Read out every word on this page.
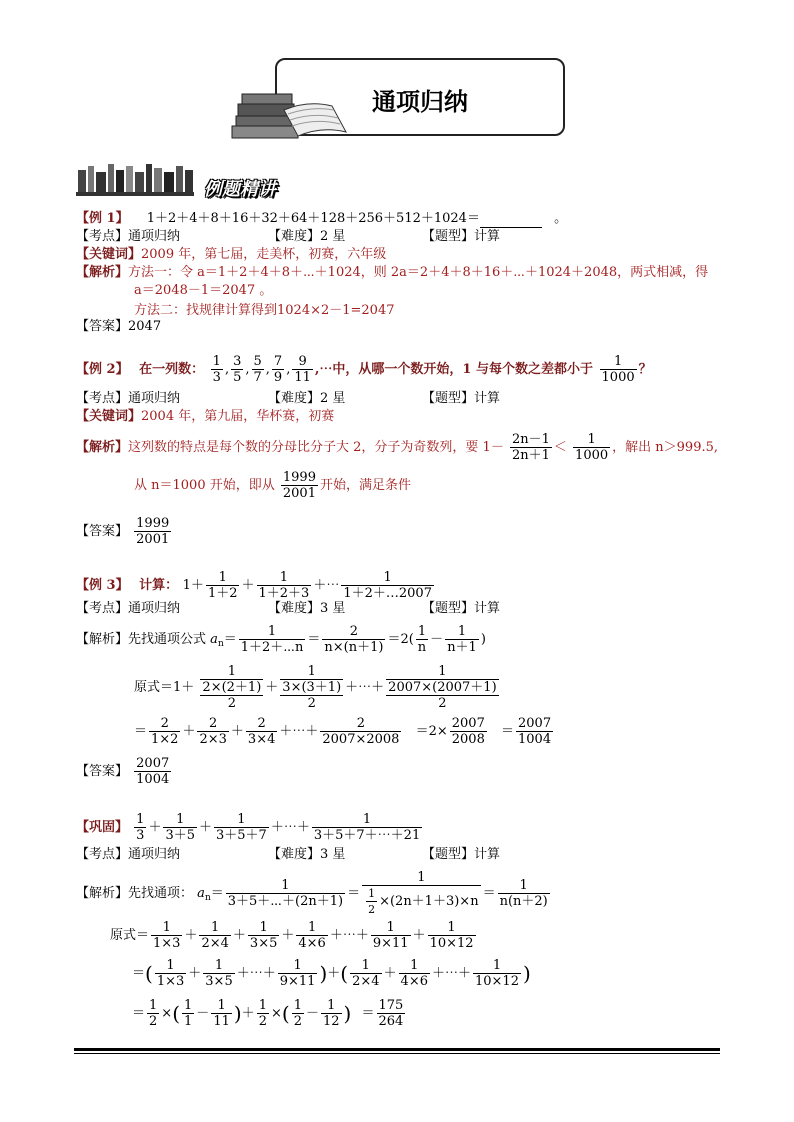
通项归纳
例题精讲
【例 1】 1＋2＋4＋8＋16＋32＋64＋128＋256＋512＋1024＝	。
【考点】通项归纳	【难度】2 星	【题型】计算
【关键词】2009 年，第七届，走美杯，初赛，六年级
【解析】方法一：令 a＝1＋2＋4＋8＋⋯＋1024，则 2a＝2＋4＋8＋16＋⋯＋1024＋2048，两式相减，得
a＝2048－1＝2047 。
方法二：找规律计算得到1024×2－1=2047
【答案】2047
【例 2】 在一列数： $\frac{1}{3}$ , $\frac{3}{5}$ , $\frac{5}{7}$ , $\frac{7}{9}$ , $\frac{9}{11}$ ,⋯中，从哪一个数开始，1 与每个数之差都小于 $\frac{1}{1000}$ ？
【考点】通项归纳	【难度】2 星	【题型】计算
【关键词】2004 年，第九届，华杯赛，初赛
【解析】这列数的特点是每个数的分母比分子大 2，分子为奇数列，要 $1- \frac{2n-1}{2n+1} < \frac{1}{1000}$ ，解出 n＞999.5,
从 n＝1000 开始，即从 $\frac{1999}{2001}$ 开始，满足条件
【答案】 $\frac{1999}{2001}$
【例 3】 计算： $1+ \frac{1}{1+2} + \frac{1}{1+2+3}$ ＋⋯ $\frac{1}{1+2+\dots 2007}$
【考点】通项归纳	【难度】3 星	【题型】计算
【解析】先找通项公式 $a_n= \frac{1}{1+2+\cdots n} = \frac{2}{n\times(n+1)} =2( \frac{1}{n} - \frac{1}{n+1}$ )
原式＝1＋
1
2×(2＋1)
2
＋
1
3×(3＋1)
2
＋⋯＋
1
2007×(2007＋1)
2
＝ $\frac{2}{1\times 2} + \frac{2}{2\times 3} + \frac{2}{3\times 4}$ ＋⋯＋ $\frac{2}{2007\times 2008} =2\times \frac{2007}{2008} = \frac{2007}{1004}$
【答案】 $\frac{2007}{1004}$
【巩固】 $\frac{1}{3} + \frac{1}{3+5} + \frac{1}{3+5+7}$ ＋⋯＋ $\frac{1}{3+5+7+\cdots+21}$
【考点】通项归纳	【难度】3 星	【题型】计算
【解析】先找通项： $a_n= \frac{1}{3+5+\cdots+(2n+1)} = \frac{1}{\frac{1}{2} \times(2n+1+3)\times n} = \frac{1}{n(n+2)}$
原式＝ $\frac{1}{1\times 3} + \frac{1}{2\times 4} + \frac{1}{3\times 5} + \frac{1}{4\times 6}$ ＋⋯＋ $\frac{1}{9\times 11} + \frac{1}{10\times 12}$
＝( $\frac{1}{1\times 3} + \frac{1}{3\times 5}$ ＋⋯＋ $\frac{1}{9\times 11}$ )＋( $\frac{1}{2\times 4} + \frac{1}{4\times 6}$ ＋⋯＋ $\frac{1}{10\times 12}$ )
＝ $\frac{1}{2}$ ×( $\frac{1}{1} - \frac{1}{11}$ )＋ $\frac{1}{2}$ ×( $\frac{1}{2} - \frac{1}{12}$ ) ＝ $\frac{175}{264}$
